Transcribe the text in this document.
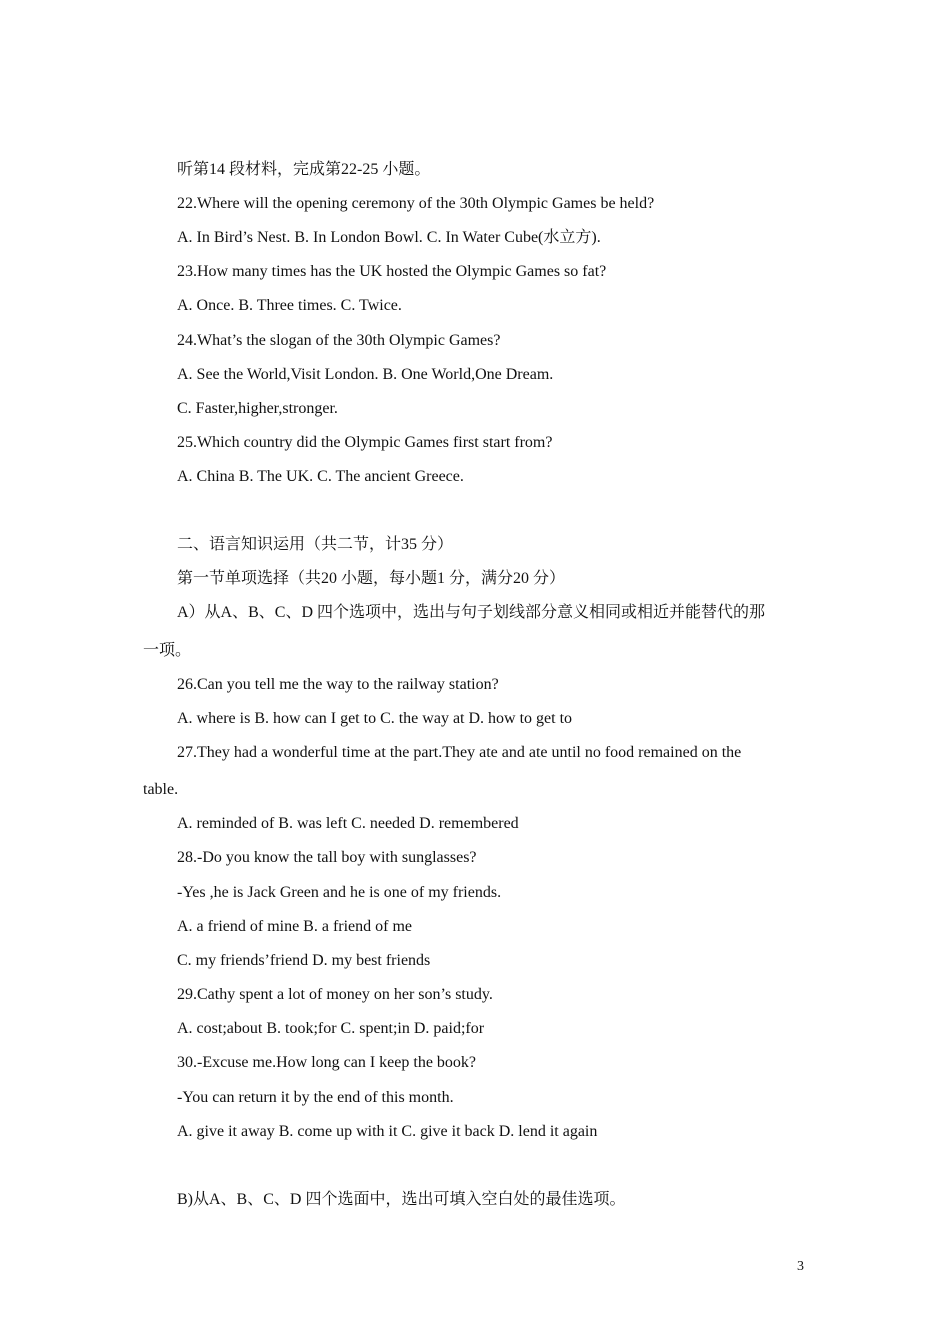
听第14 段材料，完成第22-25 小题。
22.Where will the opening ceremony of the 30th Olympic Games be held?
A. In Bird’s Nest. B. In London Bowl. C. In Water Cube(水立方).
23.How many times has the UK hosted the Olympic Games so fat?
A. Once. B. Three times. C. Twice.
24.What’s the slogan of the 30th Olympic Games?
A. See the World,Visit London. B. One World,One Dream.
C. Faster,higher,stronger.
25.Which country did the Olympic Games first start from?
A. China B. The UK. C. The ancient Greece.
二、语言知识运用（共二节，计35 分）
第一节单项选择（共20 小题，每小题1 分，满分20 分）
A）从A、B、C、D 四个选项中，选出与句子划线部分意义相同或相近并能替代的那
一项。
26.Can you tell me the way to the railway station?
A. where is B. how can I get to C. the way at D. how to get to
27.They had a wonderful time at the part.They ate and ate until no food remained on the
table.
A. reminded of B. was left C. needed D. remembered
28.-Do you know the tall boy with sunglasses?
-Yes ,he is Jack Green and he is one of my friends.
A. a friend of mine B. a friend of me
C. my friends’friend D. my best friends
29.Cathy spent a lot of money on her son’s study.
A. cost;about B. took;for C. spent;in D. paid;for
30.-Excuse me.How long can I keep the book?
-You can return it by the end of this month.
A. give it away B. come up with it C. give it back D. lend it again
B)从A、B、C、D 四个选面中，选出可填入空白处的最佳选项。
3
